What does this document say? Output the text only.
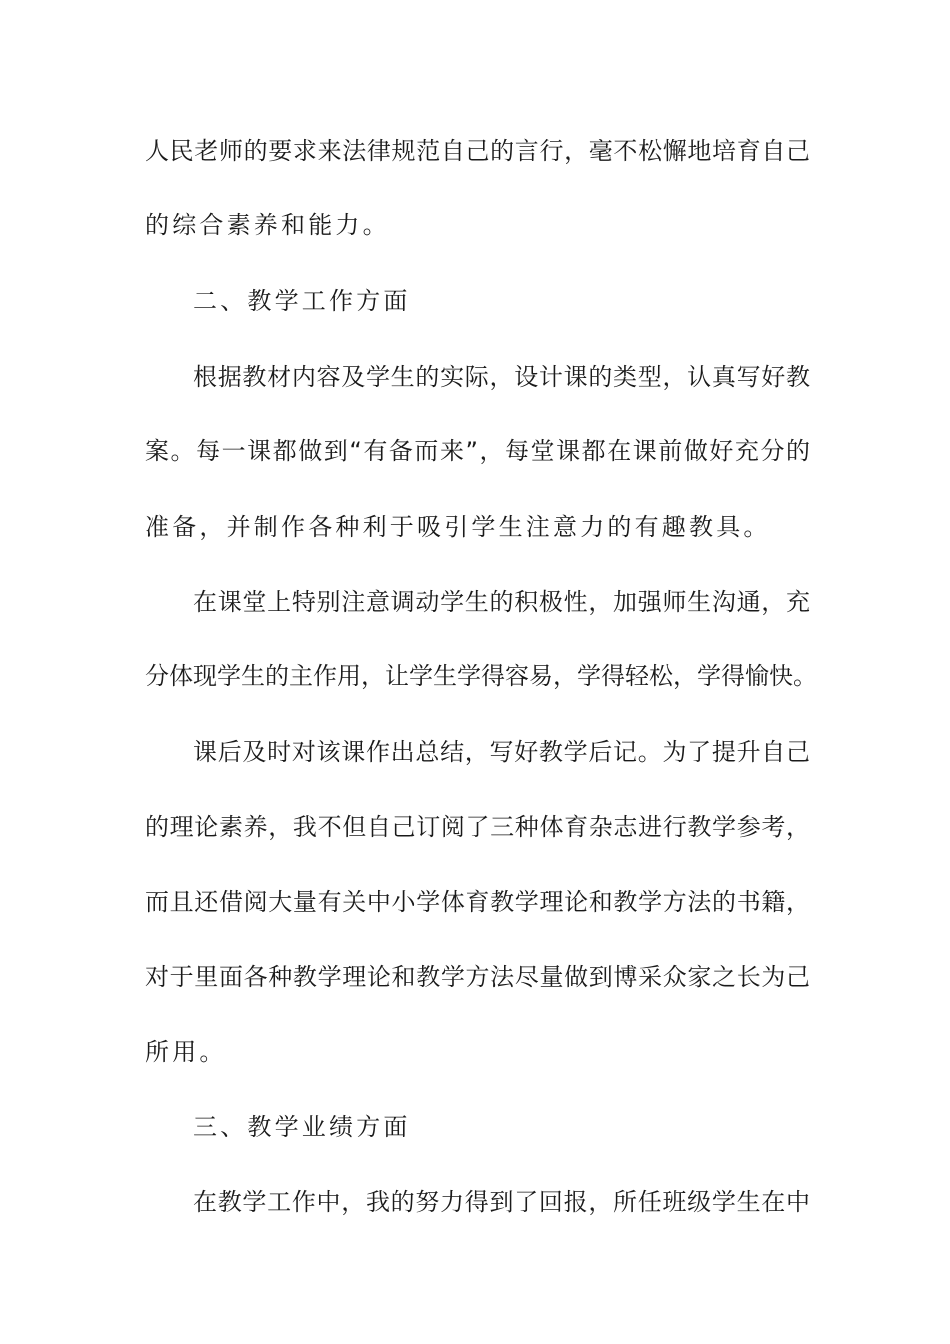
人民老师的要求来法律规范自己的言行，毫不松懈地培育自己
的综合素养和能力。
二、教学工作方面
根据教材内容及学生的实际，设计课的类型，认真写好教
案。每一课都做到“有备而来”，每堂课都在课前做好充分的
准备，并制作各种利于吸引学生注意力的有趣教具。
在课堂上特别注意调动学生的积极性，加强师生沟通，充
分体现学生的主作用，让学生学得容易，学得轻松，学得愉快。
课后及时对该课作出总结，写好教学后记。为了提升自己
的理论素养，我不但自己订阅了三种体育杂志进行教学参考，
而且还借阅大量有关中小学体育教学理论和教学方法的书籍，
对于里面各种教学理论和教学方法尽量做到博采众家之长为己
所用。
三、教学业绩方面
在教学工作中，我的努力得到了回报，所任班级学生在中
